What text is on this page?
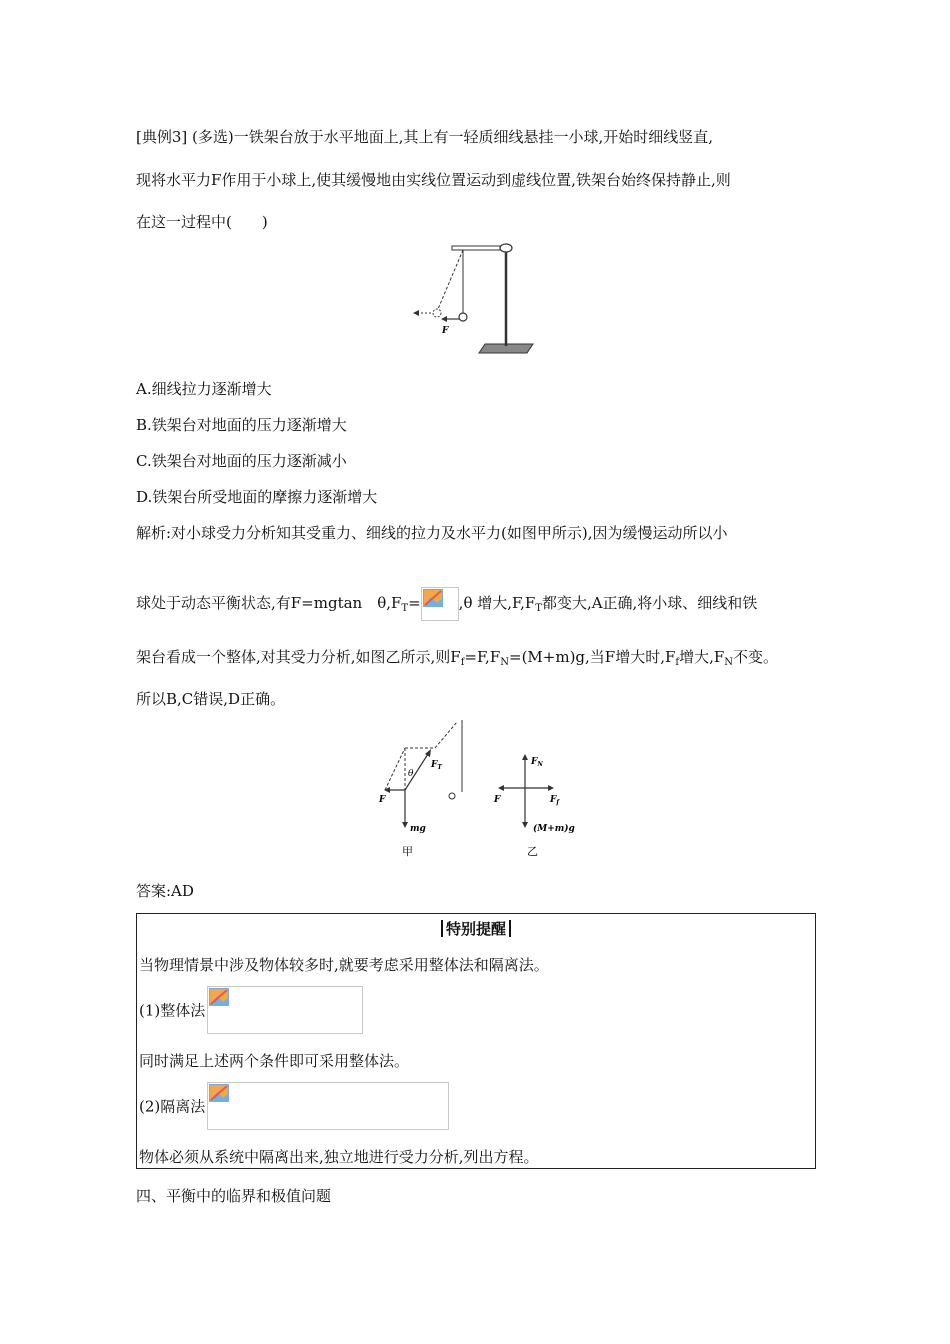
[典例3] (多选)一铁架台放于水平地面上,其上有一轻质细线悬挂一小球,开始时细线竖直,
现将水平力F作用于小球上,使其缓慢地由实线位置运动到虚线位置,铁架台始终保持静止,则
在这一过程中(　　)
F
A.细线拉力逐渐增大
B.铁架台对地面的压力逐渐增大
C.铁架台对地面的压力逐渐减小
D.铁架台所受地面的摩擦力逐渐增大
解析:对小球受力分析知其受重力、细线的拉力及水平力(如图甲所示),因为缓慢运动所以小
球处于动态平衡状态,有F=mgtan　$\theta,F_T=$	,θ 增大$,F,F_T$都变大,A正确,将小球、细线和铁
架台看成一个整体,对其受力分析,如图乙所示,则$F_f=F,F_N=(M+m)g$,当F增大时$,F_f$增大$,F_N$不变。
所以B,C错误,D正确。
F
$F_T$
θ
mg
甲
$F_N$
F	$F_f$
(M+m)g
乙
答案:AD
特别提醒
当物理情景中涉及物体较多时,就要考虑采用整体法和隔离法。
(1)整体法
同时满足上述两个条件即可采用整体法。
(2)隔离法
物体必须从系统中隔离出来,独立地进行受力分析,列出方程。
四、平衡中的临界和极值问题
